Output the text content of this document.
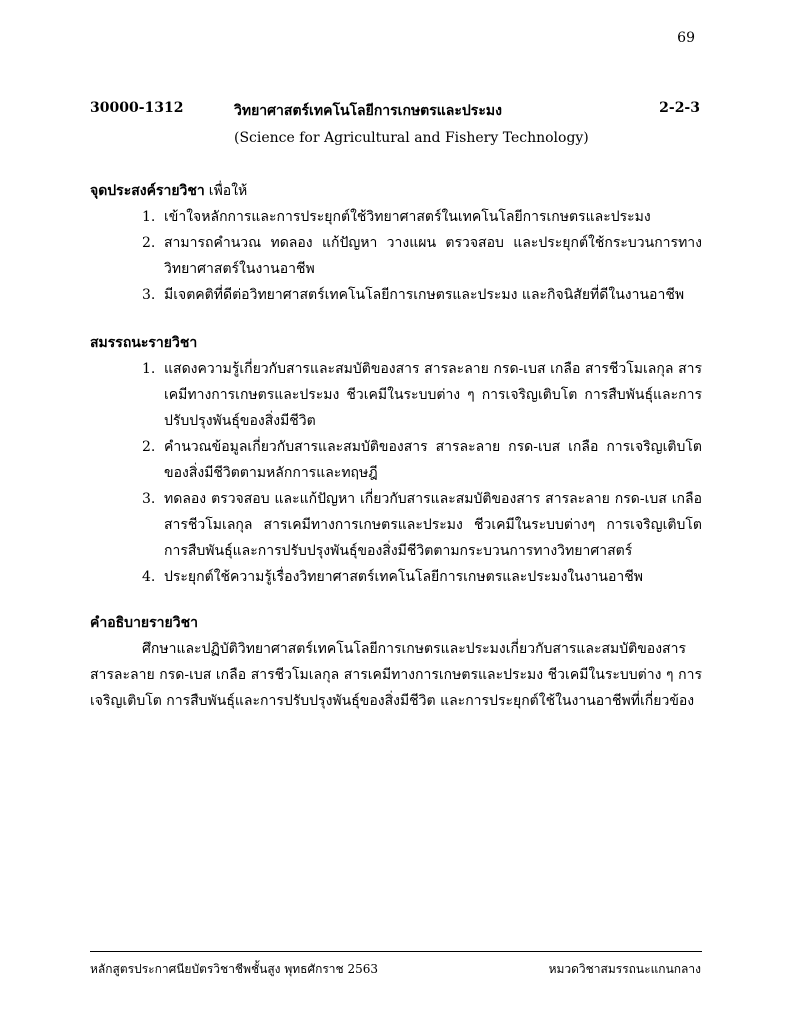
69
30000-1312	วิทยาศาสตร์เทคโนโลยีการเกษตรและประมง	2-2-3
(Science for Agricultural and Fishery Technology)

จุดประสงค์รายวิชา เพื่อให้

1. เข้าใจหลักการและการประยุกต์ใช้วิทยาศาสตร์ในเทคโนโลยีการเกษตรและประมง
2. สามารถคำนวณ ทดลอง แก้ปัญหา วางแผน ตรวจสอบ และประยุกต์ใช้กระบวนการทางวิทยาศาสตร์ในงานอาชีพ
3. มีเจตคติที่ดีต่อวิทยาศาสตร์เทคโนโลยีการเกษตรและประมง และกิจนิสัยที่ดีในงานอาชีพ

สมรรถนะรายวิชา

1. แสดงความรู้เกี่ยวกับสารและสมบัติของสาร สารละลาย กรด-เบส เกลือ สารชีวโมเลกุล สารเคมีทางการเกษตรและประมง ชีวเคมีในระบบต่าง ๆ การเจริญเติบโต การสืบพันธุ์และการปรับปรุงพันธุ์ของสิ่งมีชีวิต
2. คำนวณข้อมูลเกี่ยวกับสารและสมบัติของสาร สารละลาย กรด-เบส เกลือ การเจริญเติบโตของสิ่งมีชีวิตตามหลักการและทฤษฎี
3. ทดลอง ตรวจสอบ และแก้ปัญหา เกี่ยวกับสารและสมบัติของสาร สารละลาย กรด-เบส เกลือ สารชีวโมเลกุล สารเคมีทางการเกษตรและประมง ชีวเคมีในระบบต่างๆ การเจริญเติบโต การสืบพันธุ์และการปรับปรุงพันธุ์ของสิ่งมีชีวิตตามกระบวนการทางวิทยาศาสตร์
4. ประยุกต์ใช้ความรู้เรื่องวิทยาศาสตร์เทคโนโลยีการเกษตรและประมงในงานอาชีพ

คำอธิบายรายวิชา

ศึกษาและปฏิบัติวิทยาศาสตร์เทคโนโลยีการเกษตรและประมงเกี่ยวกับสารและสมบัติของสาร สารละลาย กรด-เบส เกลือ สารชีวโมเลกุล สารเคมีทางการเกษตรและประมง ชีวเคมีในระบบต่าง ๆ การเจริญเติบโต การสืบพันธุ์และการปรับปรุงพันธุ์ของสิ่งมีชีวิต และการประยุกต์ใช้ในงานอาชีพที่เกี่ยวข้อง

หลักสูตรประกาศนียบัตรวิชาชีพชั้นสูง พุทธศักราช 2563	หมวดวิชาสมรรถนะแกนกลาง
